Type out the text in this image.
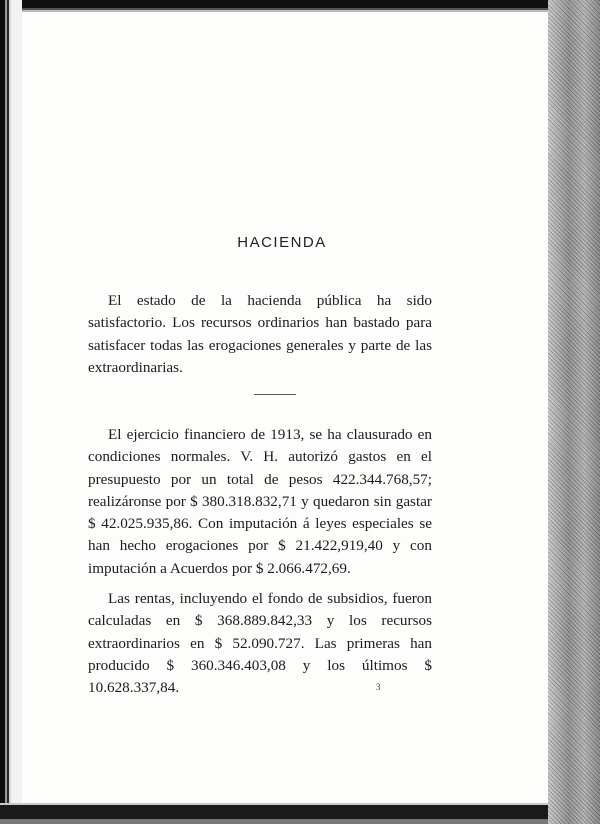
HACIENDA

El estado de la hacienda pública ha sido satisfactorio. Los recursos ordinarios han bastado para satisfacer todas las erogaciones generales y parte de las extraordinarias.

El ejercicio financiero de 1913, se ha clausurado en condiciones normales. V. H. autorizó gastos en el presupuesto por un total de pesos 422.344.768,57; realizáronse por $ 380.318.832,71 y quedaron sin gastar $ 42.025.935,86. Con imputación á leyes especiales se han hecho erogaciones por $ 21.422,919,40 y con imputación a Acuerdos por $ 2.066.472,69.

Las rentas, incluyendo el fondo de subsidios, fueron calculadas en $ 368.889.842,33 y los recursos extraordinarios en $ 52.090.727. Las primeras han producido $ 360.346.403,08 y los últimos $ 10.628.337,84.	3
